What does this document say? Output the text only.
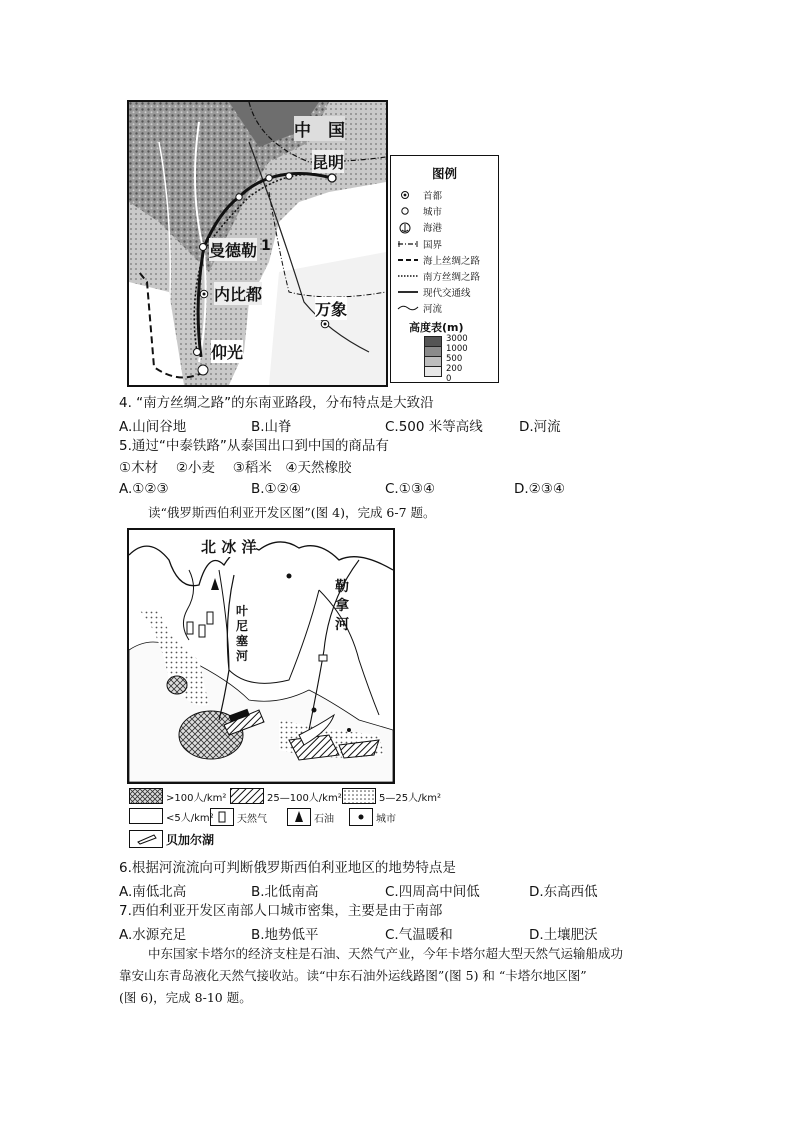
中　国
昆明
曼德勒 1
内比都
万象
仰光
图例
首都
城市
海港
国界
海上丝绸之路
南方丝绸之路
现代交通线
河流
高度表(m)
3000
1000
500
200
0
4. “南方丝绸之路”的东南亚路段，分布特点是大致沿
A.山间谷地	B.山脊	C.500 米等高线	D.河流
5.通过“中泰铁路”从泰国出口到中国的商品有
①木材　 ②小麦　 ③稻米　④天然橡胶
A.①②③	B.①②④	C.①③④	D.②③④
读“俄罗斯西伯利亚开发区图”(图 4)，完成 6-7 题。
北 冰 洋
叶
尼
塞
河
勒
拿
河
>100人/km²	25—100人/km²	5—25人/km²
<5人/km² 天然气	石油	城市
贝加尔湖
6.根据河流流向可判断俄罗斯西伯利亚地区的地势特点是
A.南低北高	B.北低南高	C.四周高中间低	D.东高西低
7.西伯利亚开发区南部人口城市密集，主要是由于南部
A.水源充足	B.地势低平	C.气温暖和	D.土壤肥沃
中东国家卡塔尔的经济支柱是石油、天然气产业，今年卡塔尔超大型天然气运输船成功
靠安山东青岛液化天然气接收站。读“中东石油外运线路图”(图 5) 和 “卡塔尔地区图”
(图 6)，完成 8-10 题。
